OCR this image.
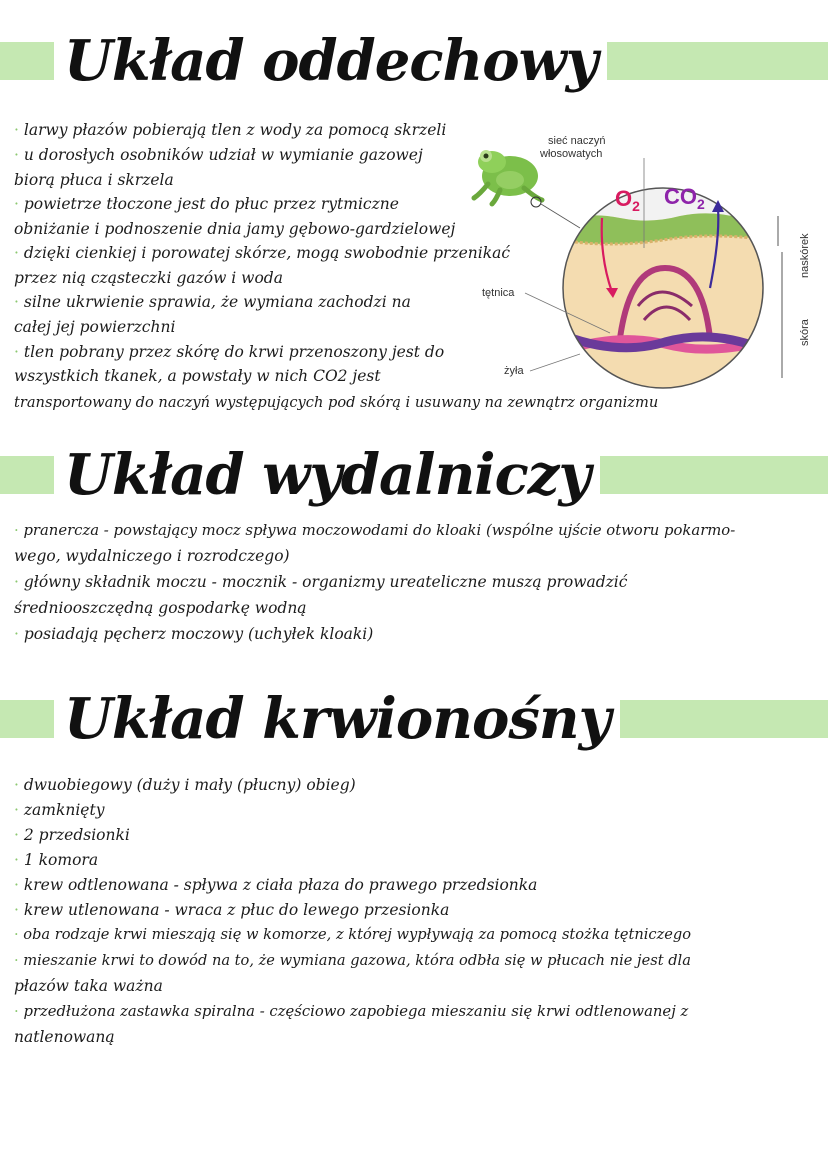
Układ oddechowy

· larwy płazów pobierają tlen z wody za pomocą skrzeli

· u dorosłych osobników udział w wymianie gazowej

biorą płuca i skrzela

· powietrze tłoczone jest do płuc przez rytmiczne

obniżanie i podnoszenie dnia jamy gębowo-gardzielowej

· dzięki cienkiej i porowatej skórze, mogą swobodnie przenikać

przez nią cząsteczki gazów i woda

· silne ukrwienie sprawia, że wymiana zachodzi na

całej jej powierzchni

· tlen pobrany przez skórę do krwi przenoszony jest do

wszystkich tkanek, a powstały w nich CO2 jest

transportowany do naczyń występujących pod skórą i usuwany na zewnątrz organizmu

$O_2$ $CO_2$
sieć naczyń
włosowatych
tętnica
żyła
naskórek
skóra
Układ wydalniczy

· pranercza - powstający mocz spływa moczowodami do kloaki (wspólne ujście otworu pokarmo-

wego, wydalniczego i rozrodczego)

· główny składnik moczu - mocznik - organizmy ureateliczne muszą prowadzić

średniooszczędną gospodarkę wodną

· posiadają pęcherz moczowy (uchyłek kloaki)

Układ krwionośny

· dwuobiegowy (duży i mały (płucny) obieg)

· zamknięty

· 2 przedsionki

· 1 komora

· krew odtlenowana - spływa z ciała płaza do prawego przedsionka

· krew utlenowana - wraca z płuc do lewego przesionka

· oba rodzaje krwi mieszają się w komorze, z której wypływają za pomocą stożka tętniczego

· mieszanie krwi to dowód na to, że wymiana gazowa, która odbła się w płucach nie jest dla

płazów taka ważna

· przedłużona zastawka spiralna - częściowo zapobiega mieszaniu się krwi odtlenowanej z

natlenowaną
